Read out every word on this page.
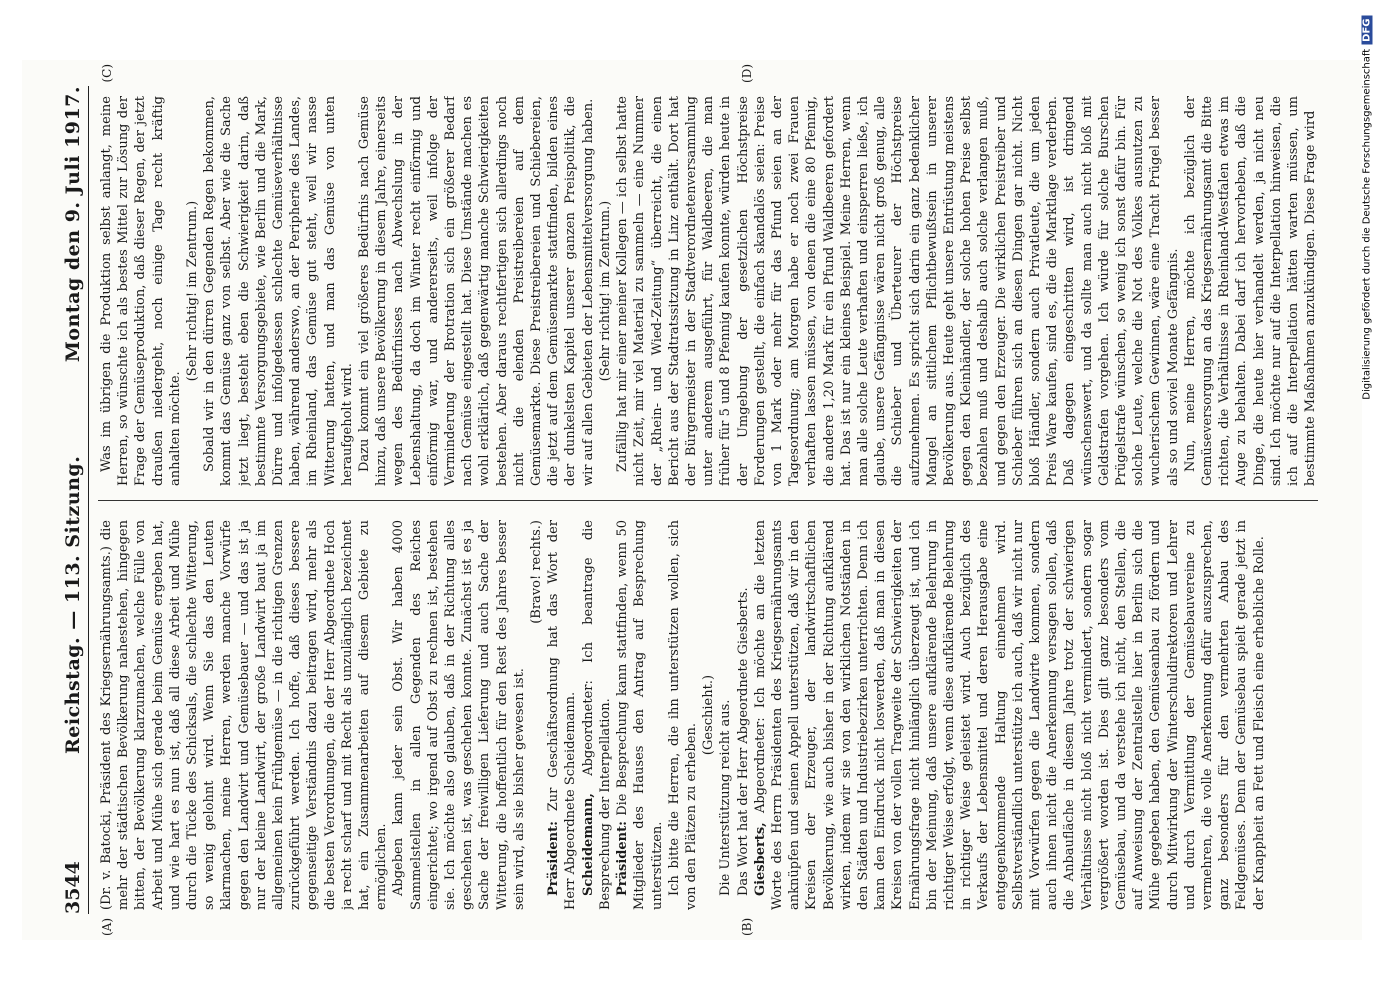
3544
Reichstag. — 113. Sitzung.
Montag den 9. Juli 1917.
(A)	(B)
(C)	(D)

(Dr. v. Batocki, Präsident des Kriegsernährungsamts.) die mehr der städtischen Bevölkerung nahestehen, hingegen bitten, der Bevölkerung klarzumachen, welche Fülle von Arbeit und Mühe sich gerade beim Gemüse ergeben hat, und wie hart es nun ist, daß all diese Arbeit und Mühe durch die Tücke des Schicksals, die schlechte Witterung, so wenig gelohnt wird. Wenn Sie das den Leuten klarmachen, meine Herren, werden manche Vorwürfe gegen den Landwirt und Gemüsebauer — und das ist ja nur der kleine Landwirt, der große Landwirt baut ja im allgemeinen kein Frühgemüse — in die richtigen Grenzen zurückgeführt werden. Ich hoffe, daß dieses bessere gegenseitige Verständnis dazu beitragen wird, mehr als die besten Verordnungen, die der Herr Abgeordnete Hoch ja recht scharf und mit Recht als unzulänglich bezeichnet hat, ein Zusammenarbeiten auf diesem Gebiete zu ermöglichen. Abgeben kann jeder sein Obst. Wir haben 4000 Sammelstellen in allen Gegenden des Reiches eingerichtet; wo irgend auf Obst zu rechnen ist, bestehen sie. Ich möchte also glauben, daß in der Richtung alles geschehen ist, was geschehen konnte. Zunächst ist es ja Sache der freiwilligen Lieferung und auch Sache der Witterung, die hoffentlich für den Rest des Jahres besser sein wird, als sie bisher gewesen ist.

(Bravo! rechts.)

Präsident: Zur Geschäftsordnung hat das Wort der Herr Abgeordnete Scheidemann. Scheidemann, Abgeordneter: Ich beantrage die Besprechung der Interpellation. Präsident: Die Besprechung kann stattfinden, wenn 50 Mitglieder des Hauses den Antrag auf Besprechung unterstützen. Ich bitte die Herren, die ihn unterstützen wollen, sich von den Plätzen zu erheben.

(Geschieht.) Die Unterstützung reicht aus. Das Wort hat der Herr Abgeordnete Giesberts. Giesberts, Abgeordneter: Ich möchte an die letzten Worte des Herrn Präsidenten des Kriegsernährungsamts anknüpfen und seinen Appell unterstützen, daß wir in den Kreisen der Erzeuger, der landwirtschaftlichen Bevölkerung, wie auch bisher in der Richtung aufklärend wirken, indem wir sie von den wirklichen Notständen in den Städten und Industriebezirken unterrichten. Denn ich kann den Eindruck nicht loswerden, daß man in diesen Kreisen von der vollen Tragweite der Schwierigkeiten der Ernährungsfrage nicht hinlänglich überzeugt ist, und ich bin der Meinung, daß unsere aufklärende Belehrung in richtiger Weise erfolgt, wenn diese aufklärende Belehrung in richtiger Weise geleistet wird. Auch bezüglich des Verkaufs der Lebensmittel und deren Herausgabe eine entgegenkommende Haltung einnehmen wird. Selbstverständlich unterstütze ich auch, daß wir nicht nur mit Vorwürfen gegen die Landwirte kommen, sondern auch ihnen nicht die Anerkennung versagen sollen, daß die Anbaufläche in diesem Jahre trotz der schwierigen Verhältnisse nicht bloß nicht vermindert, sondern sogar vergrößert worden ist. Dies gilt ganz besonders vom Gemüsebau, und da verstehe ich nicht, den Stellen, die auf Anweisung der Zentralstelle hier in Berlin sich die Mühe gegeben haben, den Gemüseanbau zu fördern und durch Mitwirkung der Winterschuldirektoren und Lehrer und durch Vermittlung der Gemüsebauvereine zu vermehren, die volle Anerkennung dafür auszusprechen, ganz besonders für den vermehrten Anbau des Feldgemüses. Denn der Gemüsebau spielt gerade jetzt in der Knappheit an Fett und Fleisch eine erhebliche Rolle.

Was im übrigen die Produktion selbst anlangt, meine Herren, so wünschte ich als bestes Mittel zur Lösung der Frage der Gemüseproduktion, daß dieser Regen, der jetzt draußen niedergeht, noch einige Tage recht kräftig anhalten möchte.

(Sehr richtig! im Zentrum.) Sobald wir in den dürren Gegenden Regen bekommen, kommt das Gemüse ganz von selbst. Aber wie die Sache jetzt liegt, besteht eben die Schwierigkeit darin, daß bestimmte Versorgungsgebiete, wie Berlin und die Mark, Dürre und infolgedessen schlechte Gemüseverhältnisse haben, während anderswo, an der Peripherie des Landes, im Rheinland, das Gemüse gut steht, weil wir nasse Witterung hatten, und man das Gemüse von unten heraufgeholt wird. Dazu kommt ein viel größeres Bedürfnis nach Gemüse hinzu, daß unsere Bevölkerung in diesem Jahre, einerseits wegen des Bedürfnisses nach Abwechslung in der Lebenshaltung, da doch im Winter recht einförmig und einförmig war, und andererseits, weil infolge der Verminderung der Brotration sich ein größerer Bedarf nach Gemüse eingestellt hat. Diese Umstände machen es wohl erklärlich, daß gegenwärtig manche Schwierigkeiten bestehen. Aber daraus rechtfertigen sich allerdings noch nicht die elenden Preistreibereien auf dem Gemüsemarkte. Diese Preistreibereien und Schiebereien, die jetzt auf dem Gemüsemarkte stattfinden, bilden eines der dunkelsten Kapitel unserer ganzen Preispolitik, die wir auf allen Gebieten der Lebensmittelversorgung haben. (Sehr richtig! im Zentrum.) Zufällig hat mir einer meiner Kollegen — ich selbst hatte nicht Zeit, mir viel Material zu sammeln — eine Nummer der „Rhein- und Wied-Zeitung“ überreicht, die einen Bericht aus der Stadtratssitzung in Linz enthält. Dort hat der Bürgermeister in der Stadtverordnetenversammlung unter anderem ausgeführt, für Waldbeeren, die man früher für 5 und 8 Pfennig kaufen konnte, würden heute in der Umgebung der gesetzlichen Höchstpreise Forderungen gestellt, die einfach skandalös seien: Preise von 1 Mark oder mehr für das Pfund seien an der Tagesordnung; am Morgen habe er noch zwei Frauen verhaften lassen müssen, von denen die eine 80 Pfennig, die andere 1,20 Mark für ein Pfund Waldbeeren gefordert hat. Das ist nur ein kleines Beispiel. Meine Herren, wenn man alle solche Leute verhaften und einsperren ließe, ich glaube, unsere Gefängnisse wären nicht groß genug, alle die Schieber und Überteurer der Höchstpreise aufzunehmen. Es spricht sich darin ein ganz bedenklicher Mangel an sittlichem Pflichtbewußtsein in unserer Bevölkerung aus. Heute geht unsere Entrüstung meistens gegen den Kleinhändler, der solche hohen Preise selbst bezahlen muß und deshalb auch solche verlangen muß, und gegen den Erzeuger. Die wirklichen Preistreiber und Schieber führen sich an diesen Dingen gar nicht. Nicht bloß Händler, sondern auch Privatleute, die um jeden Preis Ware kaufen, sind es, die die Marktlage verderben. Daß dagegen eingeschritten wird, ist dringend wünschenswert, und da sollte man auch nicht bloß mit Geldstrafen vorgehen. Ich würde für solche Burschen Prügelstrafe wünschen, so wenig ich sonst dafür bin. Für solche Leute, welche die Not des Volkes ausnutzen zu wucherischem Gewinnen, wäre eine Tracht Prügel besser als so und soviel Monate Gefängnis. Nun, meine Herren, möchte ich bezüglich der Gemüseversorgung an das Kriegsernährungsamt die Bitte richten, die Verhältnisse in Rheinland-Westfalen etwas im Auge zu behalten. Dabei darf ich hervorheben, daß die Dinge, die heute hier verhandelt werden, ja nicht neu sind. Ich möchte nur auf die Interpellation hinweisen, die ich auf die Interpellation hätten warten müssen, um bestimmte Maßnahmen anzukündigen. Diese Frage wird	Digitalisierung gefördert durch die Deutsche ForschungsgemeinschaftDFG
